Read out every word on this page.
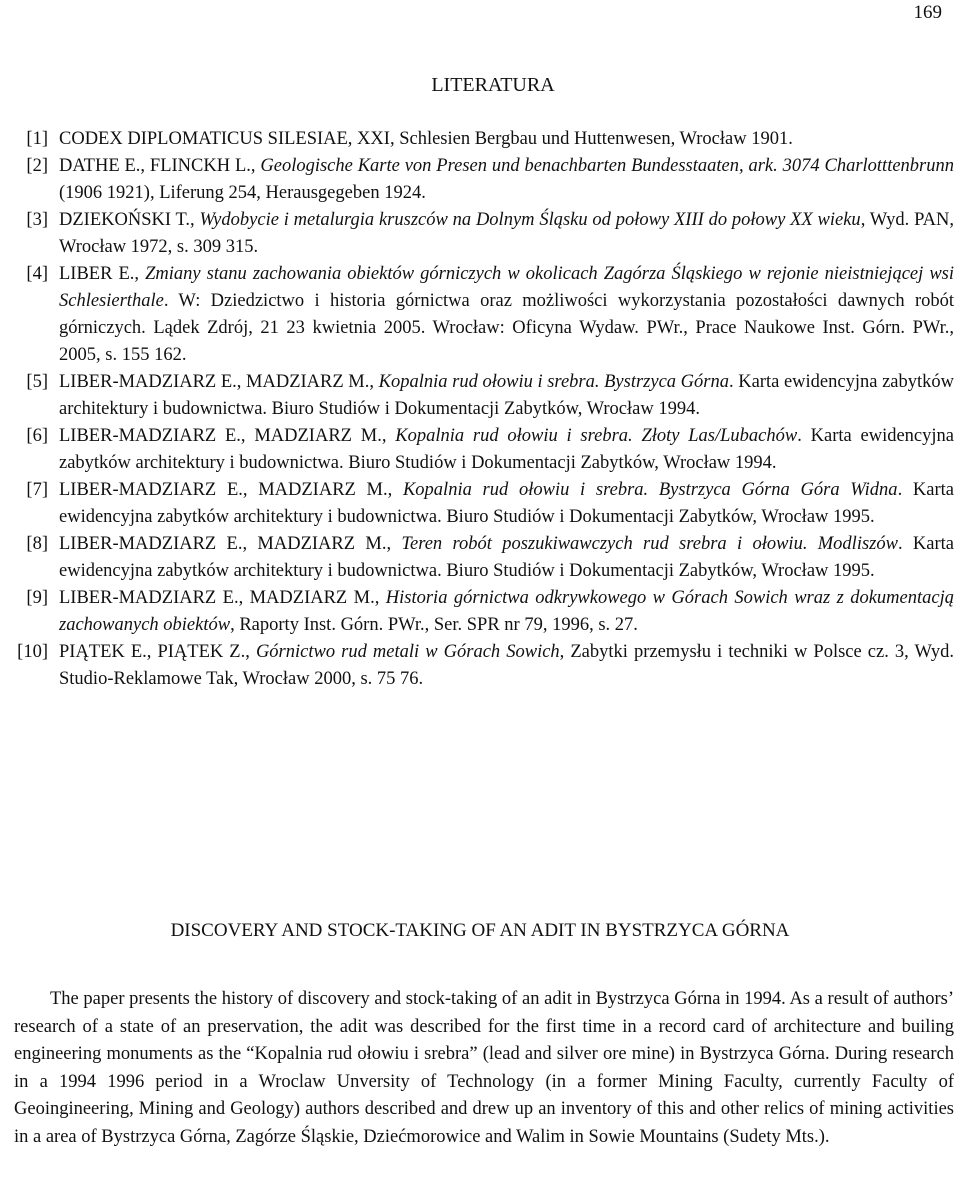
169
LITERATURA
[1] CODEX DIPLOMATICUS SILESIAE, XXI, Schlesien Bergbau und Huttenwesen, Wrocław 1901.
[2] DATHE E., FLINCKH L., Geologische Karte von Presen und benachbarten Bundesstaaten, ark. 3074 Charlotttenbrunn (1906 1921), Liferung 254, Herausgegeben 1924.
[3] DZIEKOŃSKI T., Wydobycie i metalurgia kruszców na Dolnym Śląsku od połowy XIII do połowy XX wieku, Wyd. PAN, Wrocław 1972, s. 309 315.
[4] LIBER E., Zmiany stanu zachowania obiektów górniczych w okolicach Zagórza Śląskiego w rejonie nieistniejącej wsi Schlesierthale. W: Dziedzictwo i historia górnictwa oraz możliwości wykorzystania pozostałości dawnych robót górniczych. Lądek Zdrój, 21 23 kwietnia 2005. Wrocław: Oficyna Wydaw. PWr., Prace Naukowe Inst. Górn. PWr., 2005, s. 155 162.
[5] LIBER-MADZIARZ E., MADZIARZ M., Kopalnia rud ołowiu i srebra. Bystrzyca Górna. Karta ewidencyjna zabytków architektury i budownictwa. Biuro Studiów i Dokumentacji Zabytków, Wrocław 1994.
[6] LIBER-MADZIARZ E., MADZIARZ M., Kopalnia rud ołowiu i srebra. Złoty Las/Lubachów. Karta ewidencyjna zabytków architektury i budownictwa. Biuro Studiów i Dokumentacji Zabytków, Wrocław 1994.
[7] LIBER-MADZIARZ E., MADZIARZ M., Kopalnia rud ołowiu i srebra. Bystrzyca Górna Góra Widna. Karta ewidencyjna zabytków architektury i budownictwa. Biuro Studiów i Dokumentacji Zabytków, Wrocław 1995.
[8] LIBER-MADZIARZ E., MADZIARZ M., Teren robót poszukiwawczych rud srebra i ołowiu. Modliszów. Karta ewidencyjna zabytków architektury i budownictwa. Biuro Studiów i Dokumentacji Zabytków, Wrocław 1995.
[9] LIBER-MADZIARZ E., MADZIARZ M., Historia górnictwa odkrywkowego w Górach Sowich wraz z dokumentacją zachowanych obiektów, Raporty Inst. Górn. PWr., Ser. SPR nr 79, 1996, s. 27.
[10] PIĄTEK E., PIĄTEK Z., Górnictwo rud metali w Górach Sowich, Zabytki przemysłu i techniki w Polsce cz. 3, Wyd. Studio-Reklamowe Tak, Wrocław 2000, s. 75 76.
DISCOVERY AND STOCK-TAKING OF AN ADIT IN BYSTRZYCA GÓRNA

The paper presents the history of discovery and stock-taking of an adit in Bystrzyca Górna in 1994. As a result of authors’ research of a state of an preservation, the adit was described for the first time in a record card of architecture and builing engineering monuments as the “Kopalnia rud ołowiu i srebra” (lead and silver ore mine) in Bystrzyca Górna. During research in a 1994 1996 period in a Wroclaw Unversity of Technology (in a former Mining Faculty, currently Faculty of Geoingineering, Mining and Geology) authors described and drew up an inventory of this and other relics of mining activities in a area of Bystrzyca Górna, Zagórze Śląskie, Dziećmorowice and Walim in Sowie Mountains (Sudety Mts.).
